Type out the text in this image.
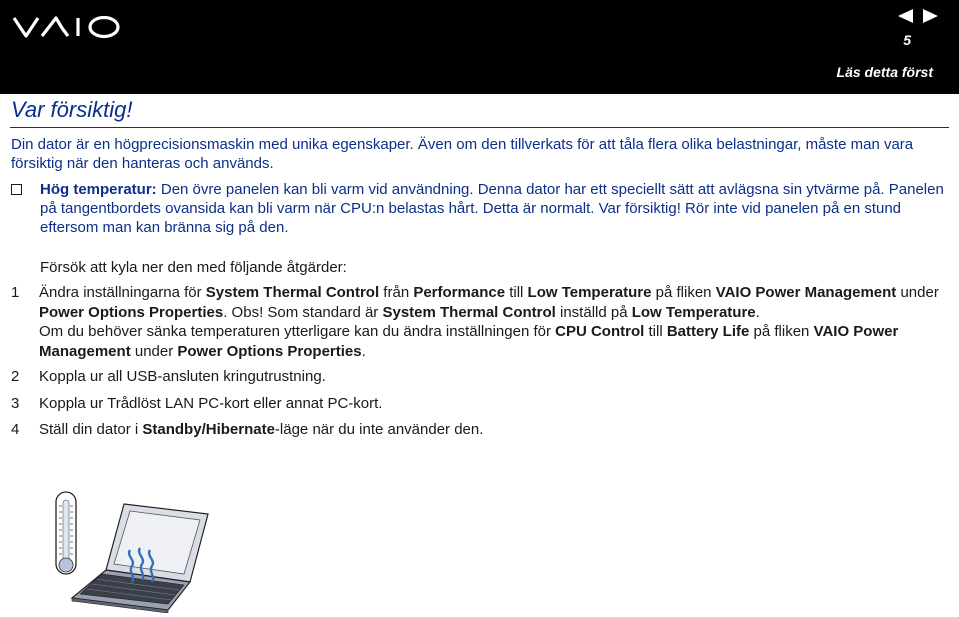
5
Läs detta först
Var försiktig!

Din dator är en högprecisionsmaskin med unika egenskaper. Även om den tillverkats för att tåla flera olika belastningar, måste man vara försiktig när den hanteras och används.

Hög temperatur: Den övre panelen kan bli varm vid användning. Denna dator har ett speciellt sätt att avlägsna sin ytvärme på. Panelen på tangentbordets ovansida kan bli varm när CPU:n belastas hårt. Detta är normalt. Var försiktig! Rör inte vid panelen på en stund eftersom man kan bränna sig på den.

Försök att kyla ner den med följande åtgärder:

1 Ändra inställningarna för System Thermal Control från Performance till Low Temperature på fliken VAIO Power Management under Power Options Properties. Obs! Som standard är System Thermal Control inställd på Low Temperature.
Om du behöver sänka temperaturen ytterligare kan du ändra inställningen för CPU Control till Battery Life på fliken VAIO Power Management under Power Options Properties.
2 Koppla ur all USB-ansluten kringutrustning.
3 Koppla ur Trådlöst LAN PC-kort eller annat PC-kort.
4 Ställ din dator i Standby/Hibernate-läge när du inte använder den.
